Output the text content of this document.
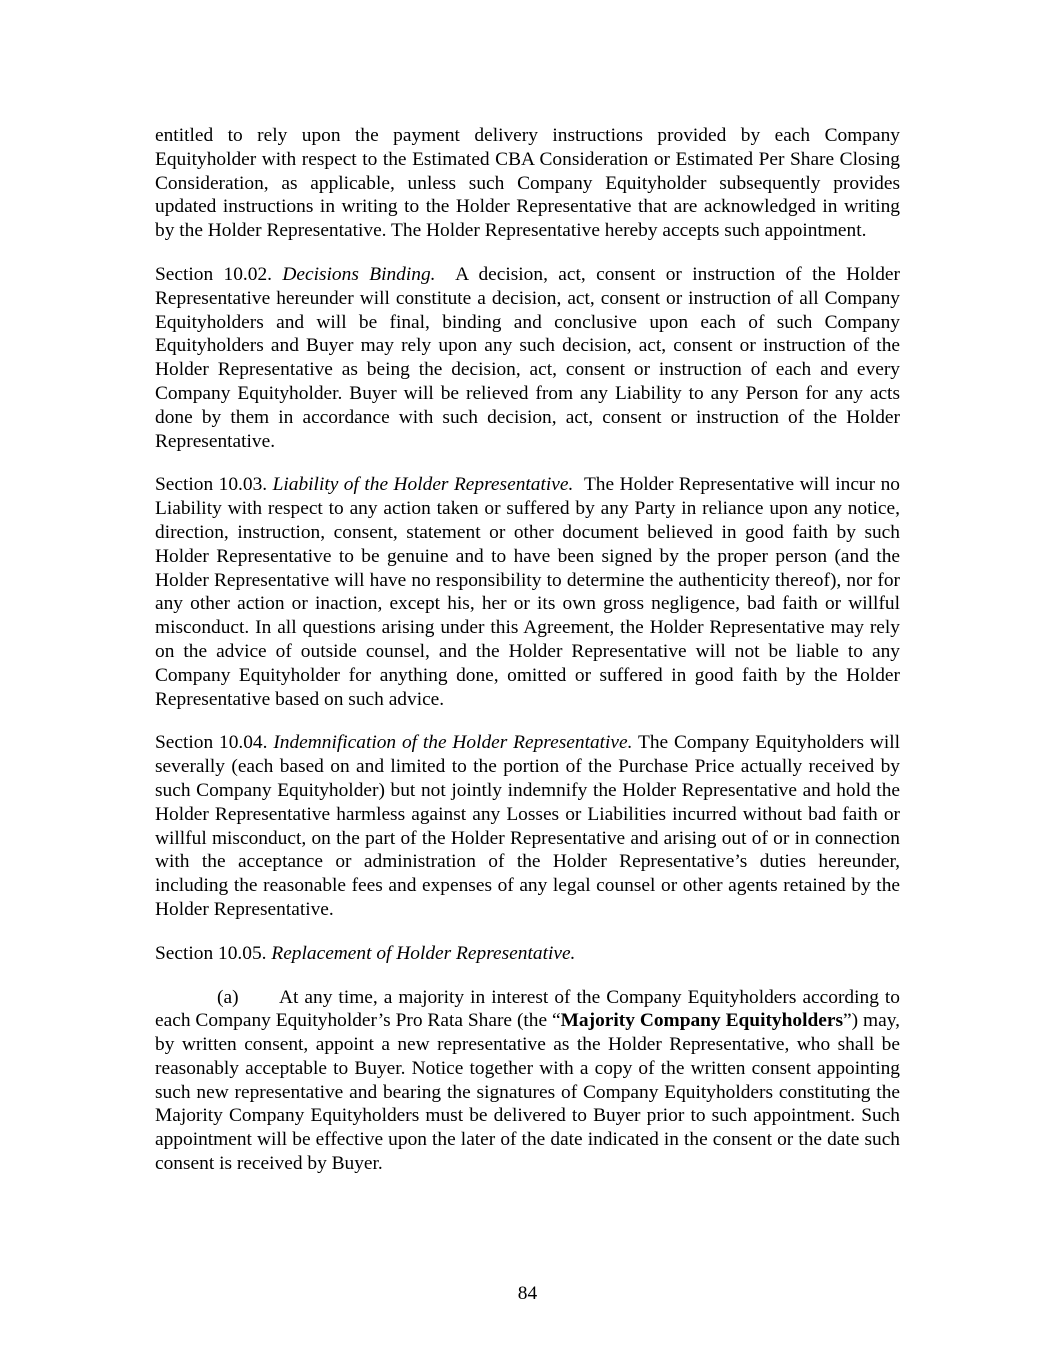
entitled to rely upon the payment delivery instructions provided by each Company Equityholder with respect to the Estimated CBA Consideration or Estimated Per Share Closing Consideration, as applicable, unless such Company Equityholder subsequently provides updated instructions in writing to the Holder Representative that are acknowledged in writing by the Holder Representative. The Holder Representative hereby accepts such appointment.

Section 10.02. Decisions Binding. A decision, act, consent or instruction of the Holder Representative hereunder will constitute a decision, act, consent or instruction of all Company Equityholders and will be final, binding and conclusive upon each of such Company Equityholders and Buyer may rely upon any such decision, act, consent or instruction of the Holder Representative as being the decision, act, consent or instruction of each and every Company Equityholder. Buyer will be relieved from any Liability to any Person for any acts done by them in accordance with such decision, act, consent or instruction of the Holder Representative.

Section 10.03. Liability of the Holder Representative. The Holder Representative will incur no Liability with respect to any action taken or suffered by any Party in reliance upon any notice, direction, instruction, consent, statement or other document believed in good faith by such Holder Representative to be genuine and to have been signed by the proper person (and the Holder Representative will have no responsibility to determine the authenticity thereof), nor for any other action or inaction, except his, her or its own gross negligence, bad faith or willful misconduct. In all questions arising under this Agreement, the Holder Representative may rely on the advice of outside counsel, and the Holder Representative will not be liable to any Company Equityholder for anything done, omitted or suffered in good faith by the Holder Representative based on such advice.

Section 10.04. Indemnification of the Holder Representative. The Company Equityholders will severally (each based on and limited to the portion of the Purchase Price actually received by such Company Equityholder) but not jointly indemnify the Holder Representative and hold the Holder Representative harmless against any Losses or Liabilities incurred without bad faith or willful misconduct, on the part of the Holder Representative and arising out of or in connection with the acceptance or administration of the Holder Representative’s duties hereunder, including the reasonable fees and expenses of any legal counsel or other agents retained by the Holder Representative.

Section 10.05. Replacement of Holder Representative.

(a) At any time, a majority in interest of the Company Equityholders according to each Company Equityholder’s Pro Rata Share (the “Majority Company Equityholders”) may, by written consent, appoint a new representative as the Holder Representative, who shall be reasonably acceptable to Buyer. Notice together with a copy of the written consent appointing such new representative and bearing the signatures of Company Equityholders constituting the Majority Company Equityholders must be delivered to Buyer prior to such appointment. Such appointment will be effective upon the later of the date indicated in the consent or the date such consent is received by Buyer.

84
